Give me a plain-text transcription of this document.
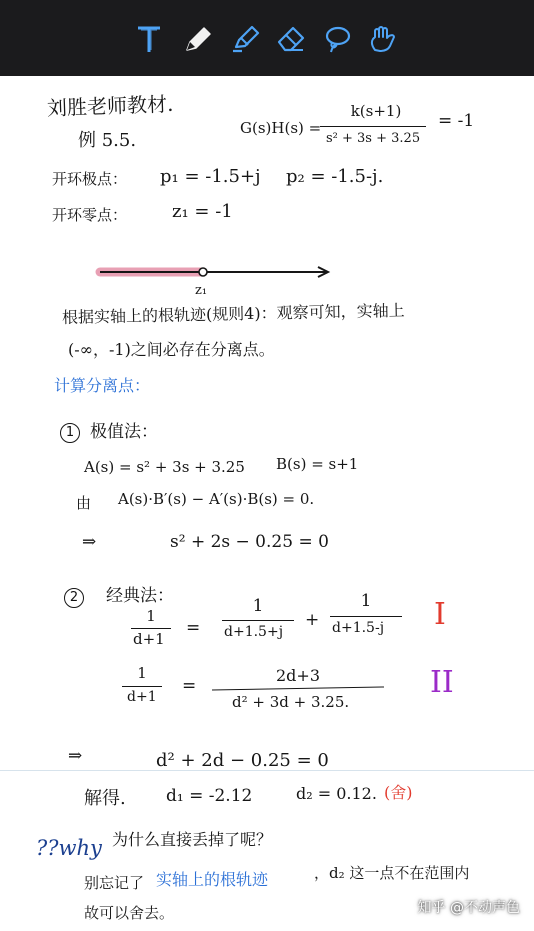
刘胜老师教材.
例 5.5.
G(s)H(s) =
k(s+1)
s² + 3s + 3.25
= -1
开环极点： p₁ = -1.5+j p₂ = -1.5-j.
开环零点： z₁ = -1
z₁
根据实轴上的根轨迹(规则4)：观察可知，实轴上
(-∞，-1)之间必存在分离点。
计算分离点：
1 极值法：
A(s) = s² + 3s + 3.25 B(s) = s+1
由 A(s)·B′(s) − A′(s)·B(s) = 0.
⇒	s² + 2s − 0.25 = 0
2	经典法：
1
d+1
=
1
d+1.5+j
+
1
d+1.5-j I
1
d+1
=
2d+3
d² + 3d + 3.25.
II
⇒	d² + 2d − 0.25 = 0
解得. d₁ = -2.12	d₂ = 0.12. (舍)
??why 为什么直接丢掉了呢？
别忘记了 实轴上的根轨迹	，d₂ 这一点不在范围内
故可以舍去。	知乎 @不动声色
